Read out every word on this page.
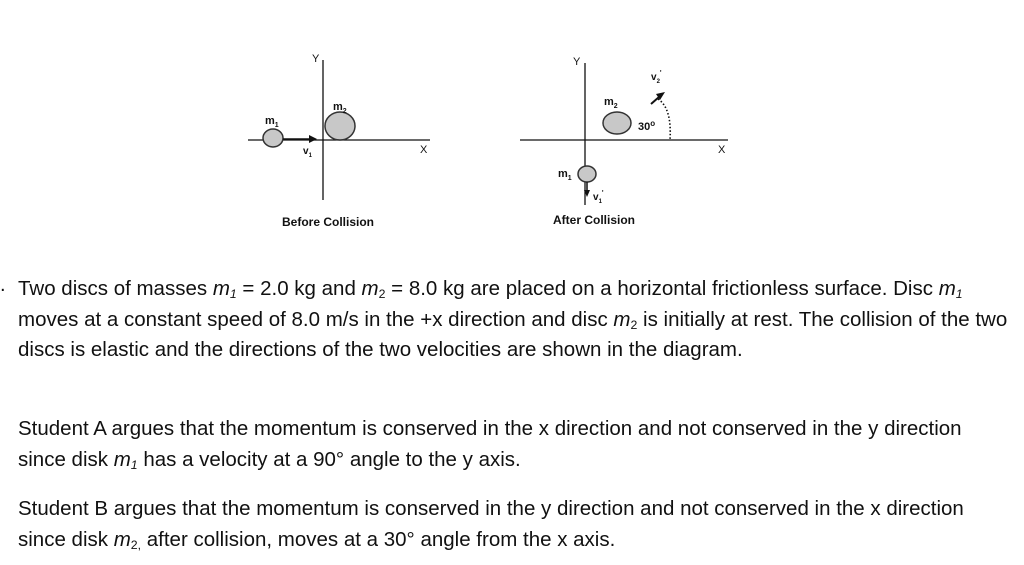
Y
X
$m_1$
$m_2$
$v_1$
Before Collision
Y
X
30$^o$
$m_2$
$m_1$
$v_1'$
$v_2'$
After Collision
. Two discs of masses $m_1 = 2.0$ kg and $m_2 = 8.0$ kg are placed on a horizontal frictionless surface. Disc $m_1$ moves at a constant speed of 8.0 m/s in the +x direction and disc $m_2$ is initially at rest. The collision of the two discs is elastic and the directions of the two velocities are shown in the diagram.

Student A argues that the momentum is conserved in the x direction and not conserved in the y direction since disk $m_1$ has a velocity at a 90° angle to the y axis.

Student B argues that the momentum is conserved in the y direction and not conserved in the x direction since disk $m_{2,}$ after collision, moves at a 30° angle from the x axis.
